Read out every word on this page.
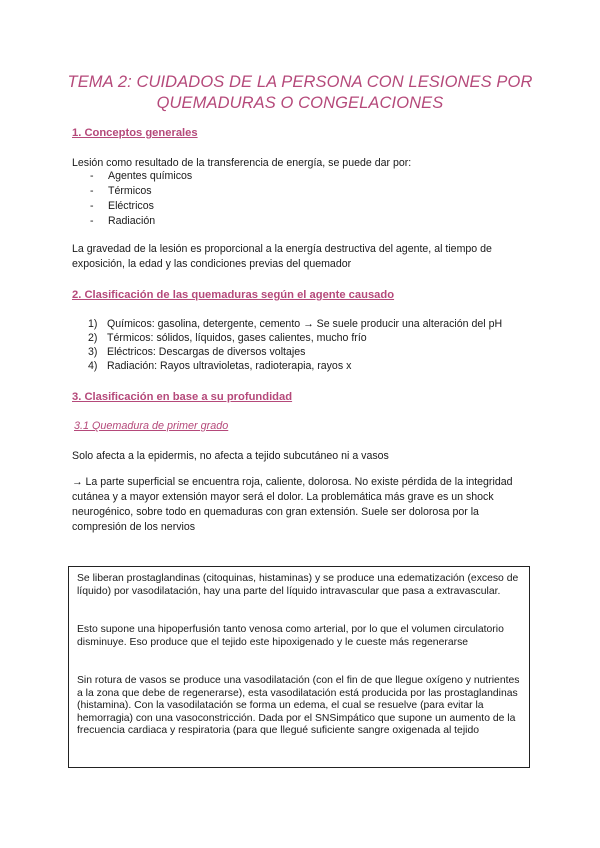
TEMA 2: CUIDADOS DE LA PERSONA CON LESIONES POR
QUEMADURAS O CONGELACIONES
1. Conceptos generales
Lesión como resultado de la transferencia de energía, se puede dar por:
- Agentes químicos
- Térmicos
- Eléctricos
- Radiación
La gravedad de la lesión es proporcional a la energía destructiva del agente, al tiempo de exposición, la edad y las condiciones previas del quemador
2. Clasificación de las quemaduras según el agente causado
1) Químicos: gasolina, detergente, cemento → Se suele producir una alteración del pH
2) Térmicos: sólidos, líquidos, gases calientes, mucho frío
3) Eléctricos: Descargas de diversos voltajes
4) Radiación: Rayos ultravioletas, radioterapia, rayos x
3. Clasificación en base a su profundidad
3.1 Quemadura de primer grado
Solo afecta a la epidermis, no afecta a tejido subcutáneo ni a vasos
→ La parte superficial se encuentra roja, caliente, dolorosa. No existe pérdida de la integridad cutánea y a mayor extensión mayor será el dolor. La problemática más grave es un shock neurogénico, sobre todo en quemaduras con gran extensión. Suele ser dolorosa por la compresión de los nervios
Se liberan prostaglandinas (citoquinas, histaminas) y se produce una edematización (exceso de líquido) por vasodilatación, hay una parte del líquido intravascular que pasa a extravascular.
Esto supone una hipoperfusión tanto venosa como arterial, por lo que el volumen circulatorio disminuye. Eso produce que el tejido este hipoxigenado y le cueste más regenerarse
Sin rotura de vasos se produce una vasodilatación (con el fin de que llegue oxígeno y nutrientes a la zona que debe de regenerarse), esta vasodilatación está producida por las prostaglandinas (histamina). Con la vasodilatación se forma un edema, el cual se resuelve (para evitar la hemorragia) con una vasoconstricción. Dada por el SNSimpático que supone un aumento de la frecuencia cardiaca y respiratoria (para que llegué suficiente sangre oxigenada al tejido
